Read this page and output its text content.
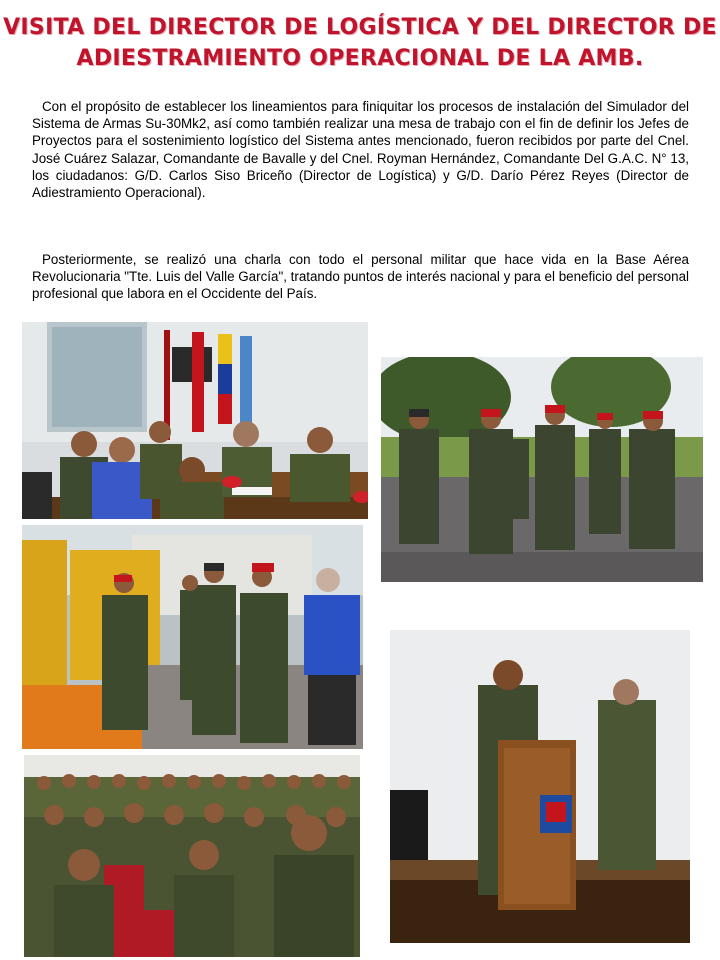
VISITA DEL DIRECTOR DE LOGÍSTICA Y DEL DIRECTOR DE
ADIESTRAMIENTO OPERACIONAL DE LA AMB.

Con el propósito de establecer los lineamientos para finiquitar los procesos de instalación del Simulador del Sistema de Armas Su-30Mk2, así como también realizar una mesa de trabajo con el fin de definir los Jefes de Proyectos para el sostenimiento logístico del Sistema antes mencionado, fueron recibidos por parte del Cnel. José Cuárez Salazar, Comandante de Bavalle y del Cnel. Royman Hernández, Comandante Del G.A.C. N° 13, los ciudadanos: G/D. Carlos Siso Briceño (Director de Logística) y G/D. Darío Pérez Reyes (Director de Adiestramiento Operacional).

Posteriormente, se realizó una charla con todo el personal militar que hace vida en la Base Aérea Revolucionaria "Tte. Luis del Valle García", tratando puntos de interés nacional y para el beneficio del personal profesional que labora en el Occidente del País.
